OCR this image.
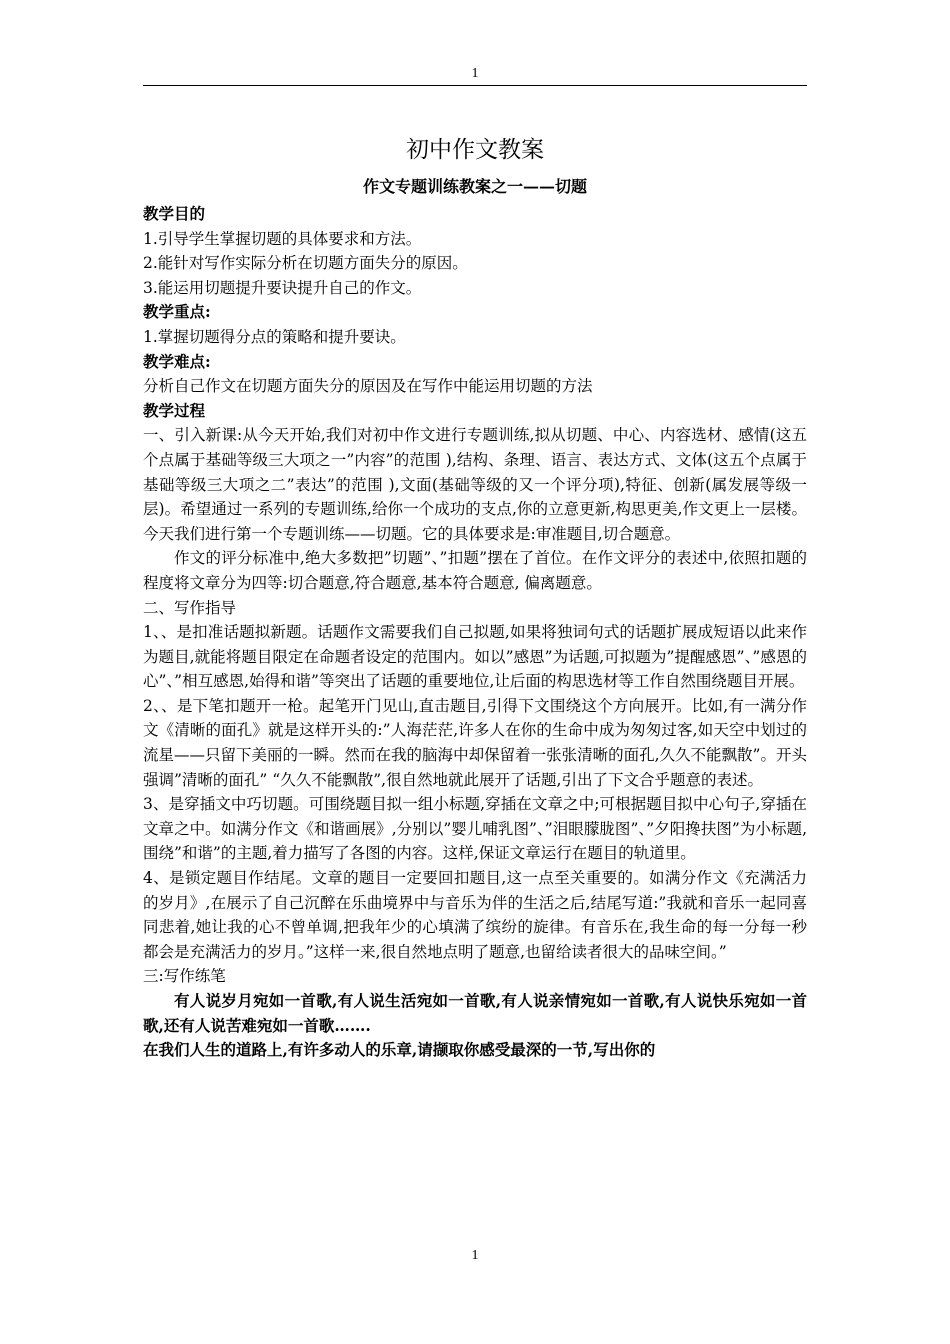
1
初中作文教案
作文专题训练教案之一——切题

教学目的

1.引导学生掌握切题的具体要求和方法。

2.能针对写作实际分析在切题方面失分的原因。

3.能运用切题提升要诀提升自己的作文。

教学重点:

1.掌握切题得分点的策略和提升要诀。

教学难点:

分析自己作文在切题方面失分的原因及在写作中能运用切题的方法

教学过程

一、引入新课:从今天开始,我们对初中作文进行专题训练,拟从切题、中心、内容选材、感情(这五个点属于基础等级三大项之一”内容”的范围 ),结构、条理、语言、表达方式、文体(这五个点属于基础等级三大项之二”表达”的范围 ),文面(基础等级的又一个评分项),特征、创新(属发展等级一层)。希望通过一系列的专题训练,给你一个成功的支点,你的立意更新,构思更美,作文更上一层楼。今天我们进行第一个专题训练——切题。它的具体要求是:审准题目,切合题意。

作文的评分标准中,绝大多数把”切题”、”扣题”摆在了首位。在作文评分的表述中,依照扣题的程度将文章分为四等:切合题意,符合题意,基本符合题意, 偏离题意。

二、写作指导

1、、是扣准话题拟新题。话题作文需要我们自己拟题,如果将独词句式的话题扩展成短语以此来作为题目,就能将题目限定在命题者设定的范围内。如以”感恩”为话题,可拟题为”提醒感恩”、”感恩的心”、”相互感恩,始得和谐”等突出了话题的重要地位,让后面的构思选材等工作自然围绕题目开展。

2、、是下笔扣题开一枪。起笔开门见山,直击题目,引得下文围绕这个方向展开。比如,有一满分作文《清晰的面孔》就是这样开头的:”人海茫茫,许多人在你的生命中成为匆匆过客,如天空中划过的流星——只留下美丽的一瞬。然而在我的脑海中却保留着一张张清晰的面孔,久久不能飘散”。开头强调”清晰的面孔” “久久不能飘散”,很自然地就此展开了话题,引出了下文合乎题意的表述。

3、是穿插文中巧切题。可围绕题目拟一组小标题,穿插在文章之中;可根据题目拟中心句子,穿插在文章之中。如满分作文《和谐画展》,分别以”婴儿哺乳图”、”泪眼朦胧图”、”夕阳搀扶图”为小标题,围绕”和谐”的主题,着力描写了各图的内容。这样,保证文章运行在题目的轨道里。

4、是锁定题目作结尾。文章的题目一定要回扣题目,这一点至关重要的。如满分作文《充满活力的岁月》,在展示了自己沉醉在乐曲境界中与音乐为伴的生活之后,结尾写道:”我就和音乐一起同喜同悲着,她让我的心不曾单调,把我年少的心填满了缤纷的旋律。有音乐在,我生命的每一分每一秒都会是充满活力的岁月。”这样一来,很自然地点明了题意,也留给读者很大的品味空间。”

三:写作练笔

有人说岁月宛如一首歌,有人说生活宛如一首歌,有人说亲情宛如一首歌,有人说快乐宛如一首歌,还有人说苦难宛如一首歌…….

在我们人生的道路上,有许多动人的乐章,请撷取你感受最深的一节,写出你的

1
